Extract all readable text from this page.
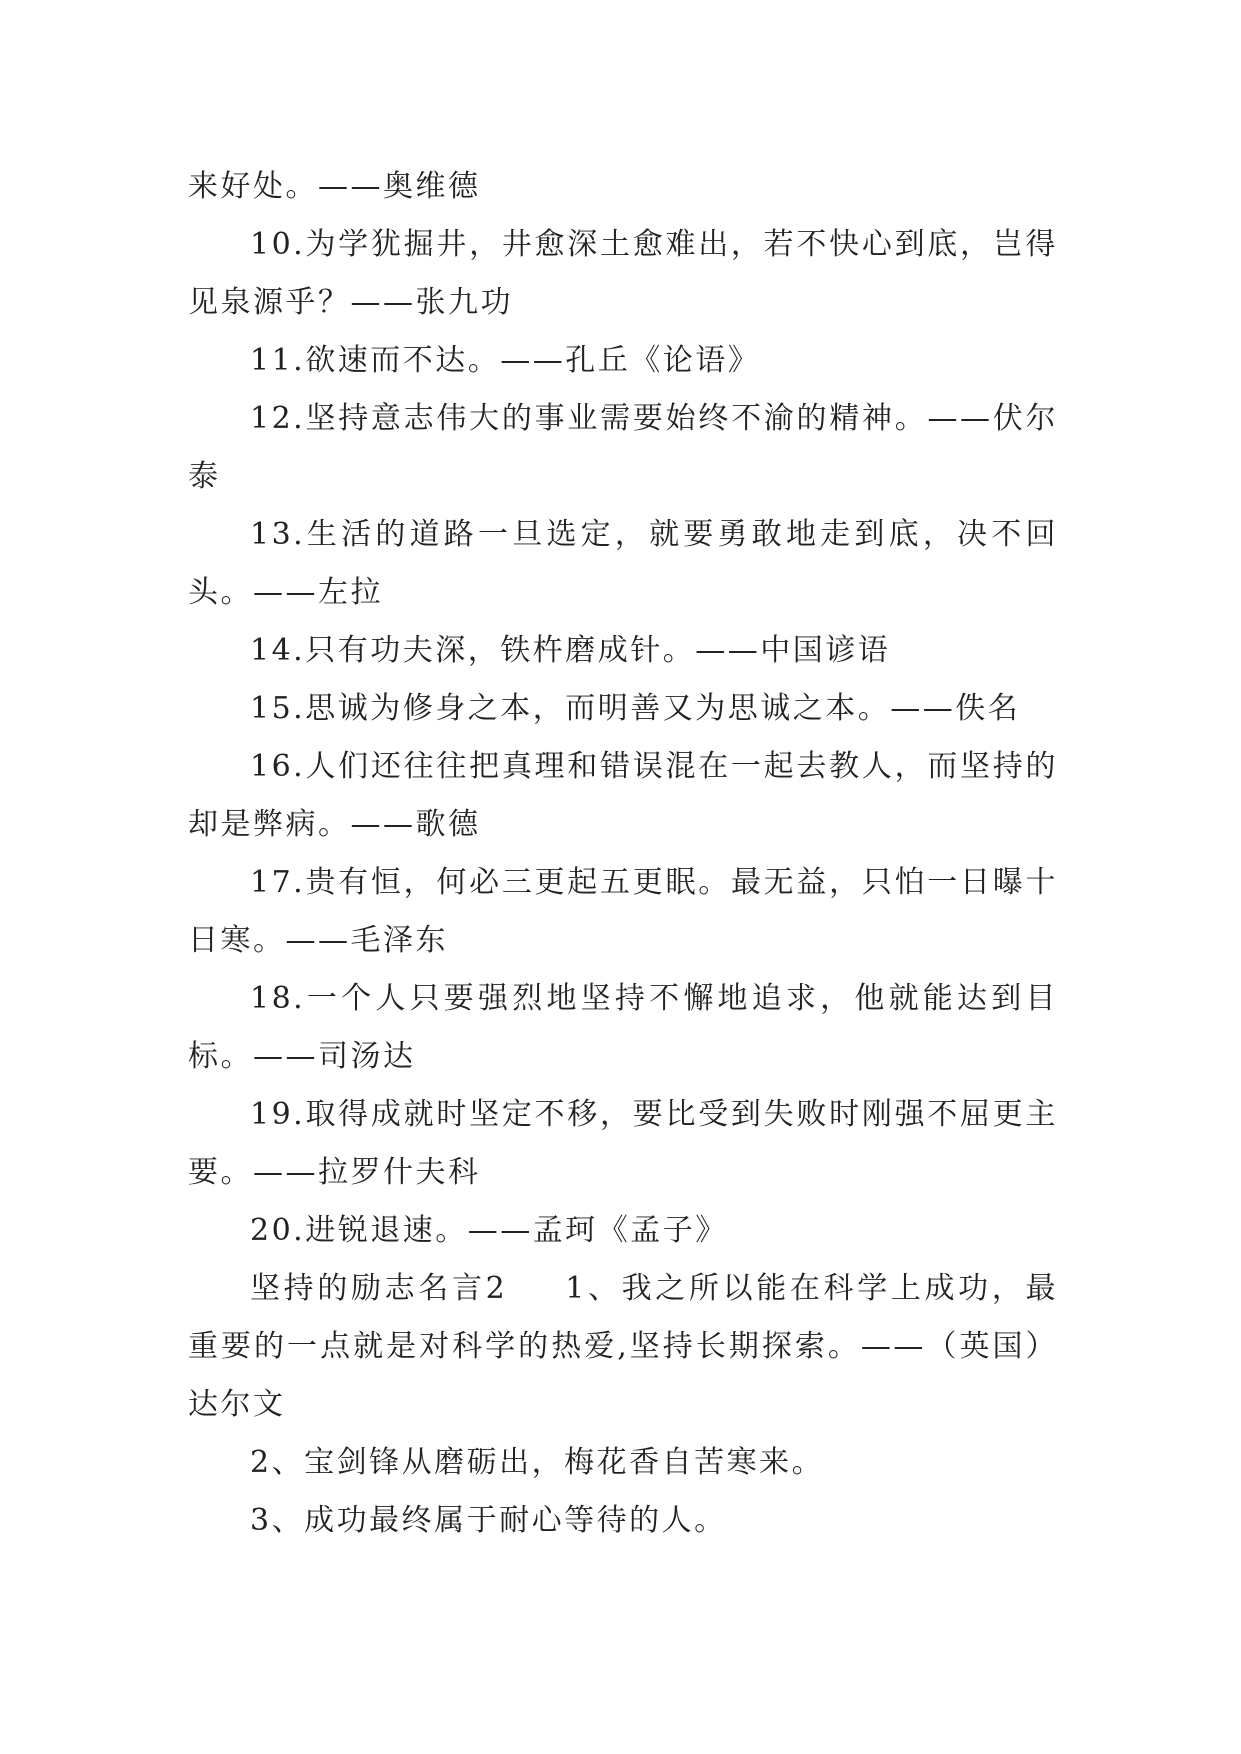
来好处。——奥维德

10.为学犹掘井，井愈深土愈难出，若不快心到底，岂得见泉源乎？——张九功

11.欲速而不达。——孔丘《论语》

12.坚持意志伟大的事业需要始终不渝的精神。——伏尔泰

13.生活的道路一旦选定，就要勇敢地走到底，决不回头。——左拉

14.只有功夫深，铁杵磨成针。——中国谚语

15.思诚为修身之本，而明善又为思诚之本。——佚名

16.人们还往往把真理和错误混在一起去教人，而坚持的却是弊病。——歌德

17.贵有恒，何必三更起五更眠。最无益，只怕一日曝十日寒。——毛泽东

18.一个人只要强烈地坚持不懈地追求，他就能达到目标。——司汤达

19.取得成就时坚定不移，要比受到失败时刚强不屈更主要。——拉罗什夫科

20.进锐退速。——孟珂《孟子》

坚持的励志名言2 1、我之所以能在科学上成功，最重要的一点就是对科学的热爱,坚持长期探索。——（英国）达尔文

2、宝剑锋从磨砺出，梅花香自苦寒来。

3、成功最终属于耐心等待的人。
